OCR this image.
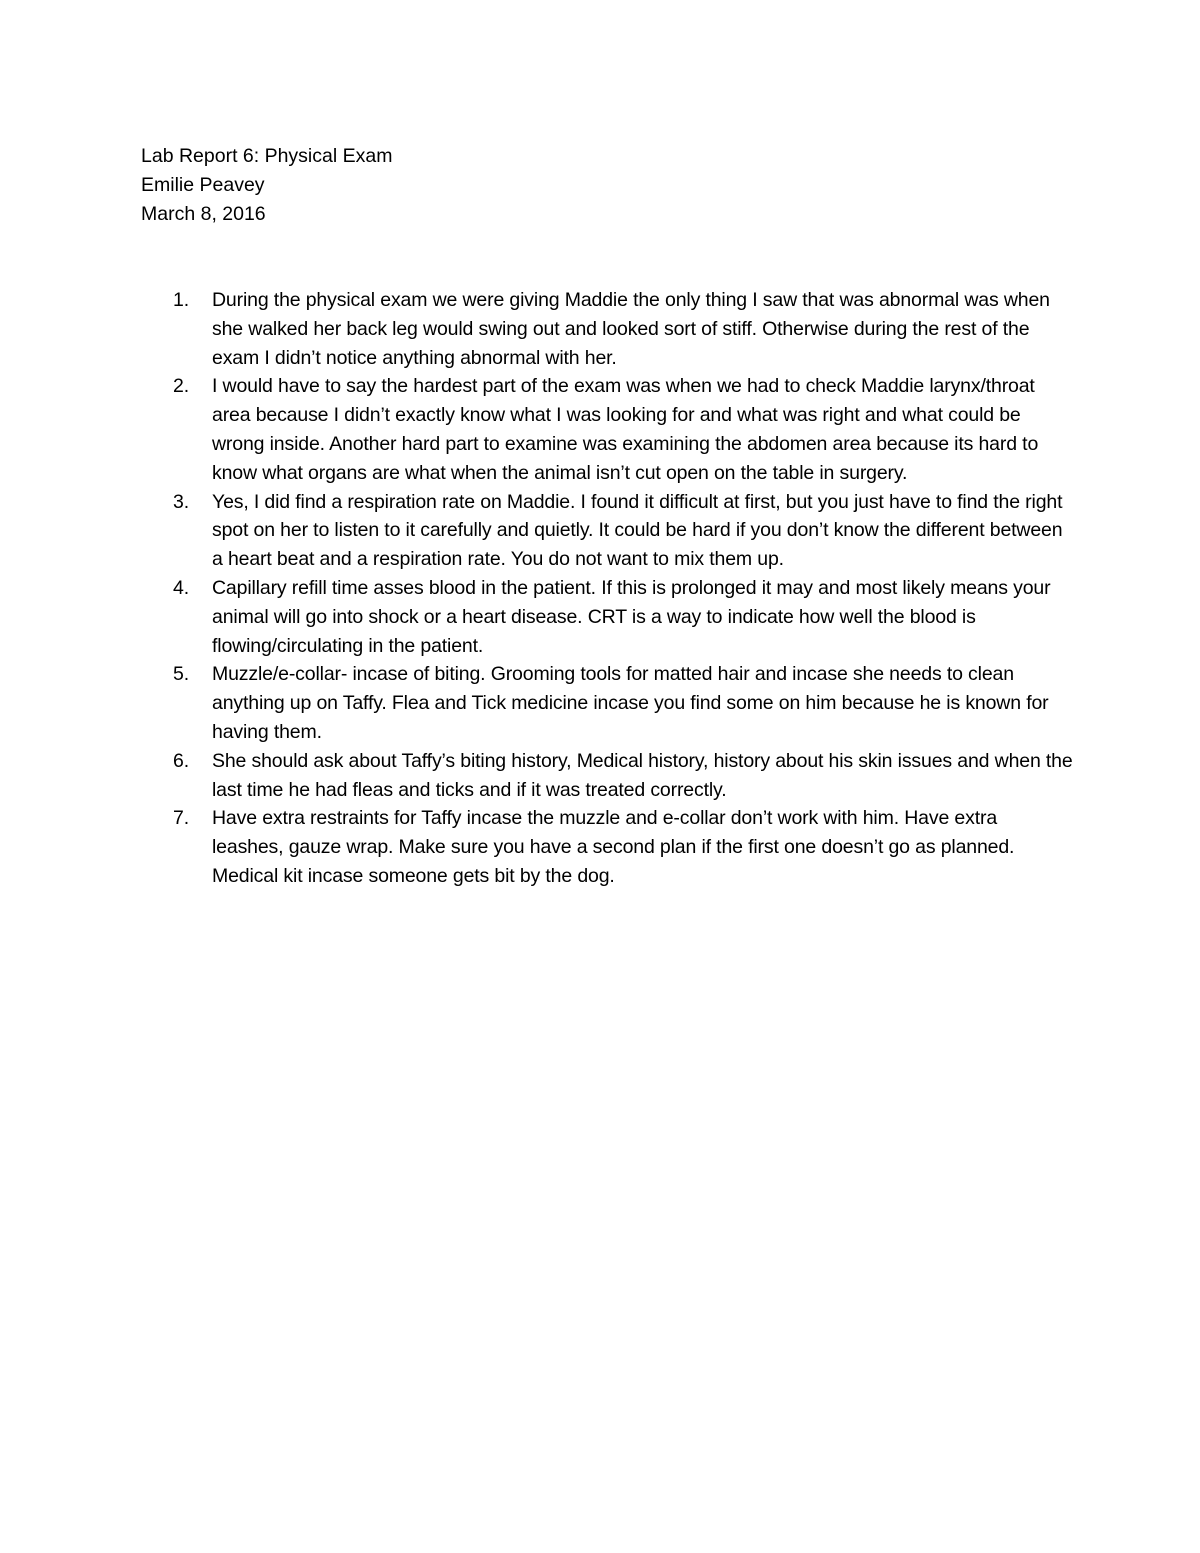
Lab Report 6: Physical Exam
Emilie Peavey
March 8, 2016
1.	During the physical exam we were giving Maddie the only thing I saw that was abnormal was when she walked her back leg would swing out and looked sort of stiff. Otherwise during the rest of the exam I didn’t notice anything abnormal with her.
2.	I would have to say the hardest part of the exam was when we had to check Maddie larynx/throat area because I didn’t exactly know what I was looking for and what was right and what could be wrong inside. Another hard part to examine was examining the abdomen area because its hard to know what organs are what when the animal isn’t cut open on the table in surgery.
3.	Yes, I did find a respiration rate on Maddie. I found it difficult at first, but you just have to find the right spot on her to listen to it carefully and quietly. It could be hard if you don’t know the different between a heart beat and a respiration rate. You do not want to mix them up.
4.	Capillary refill time asses blood in the patient. If this is prolonged it may and most likely means your animal will go into shock or a heart disease. CRT is a way to indicate how well the blood is flowing/circulating in the patient.
5.	Muzzle/e-collar- incase of biting. Grooming tools for matted hair and incase she needs to clean anything up on Taffy. Flea and Tick medicine incase you find some on him because he is known for having them.
6.	She should ask about Taffy’s biting history, Medical history, history about his skin issues and when the last time he had fleas and ticks and if it was treated correctly.
7.	Have extra restraints for Taffy incase the muzzle and e-collar don’t work with him. Have extra leashes, gauze wrap. Make sure you have a second plan if the first one doesn’t go as planned. Medical kit incase someone gets bit by the dog.
